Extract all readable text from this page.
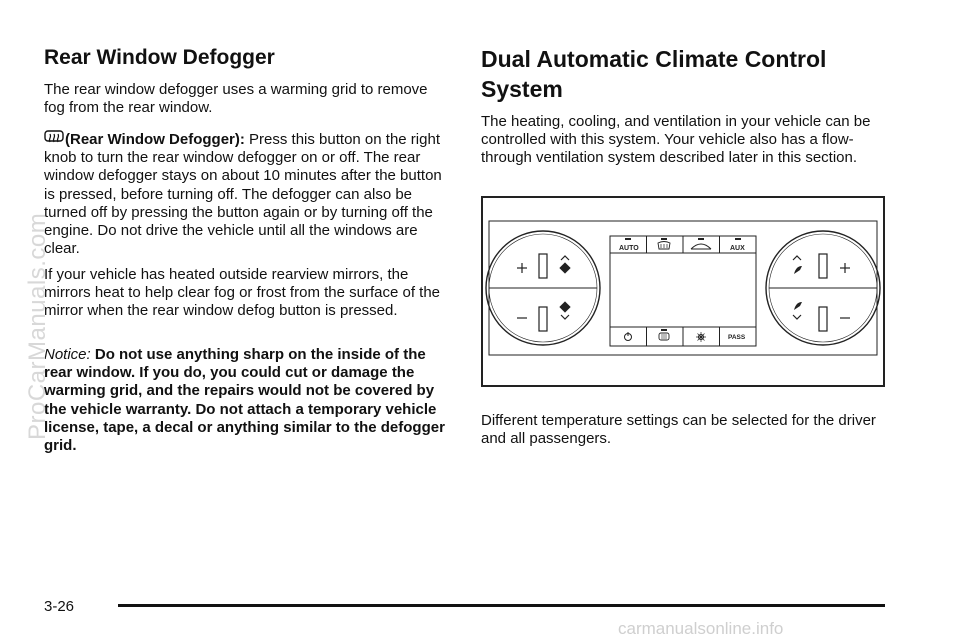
Rear Window Defogger

The rear window defogger uses a warming grid to remove fog from the rear window.

(Rear Window Defogger): Press this button on the right knob to turn the rear window defogger on or off. The rear window defogger stays on about 10 minutes after the button is pressed, before turning off. The defogger can also be turned off by pressing the button again or by turning off the engine. Do not drive the vehicle until all the windows are clear.

If your vehicle has heated outside rearview mirrors, the mirrors heat to help clear fog or frost from the surface of the mirror when the rear window defog button is pressed.

Notice: Do not use anything sharp on the inside of the rear window. If you do, you could cut or damage the warming grid, and the repairs would not be covered by the vehicle warranty. Do not attach a temporary vehicle license, tape, a decal or anything similar to the defogger grid.

Dual Automatic Climate Control System

The heating, cooling, and ventilation in your vehicle can be controlled with this system. Your vehicle also has a flow-through ventilation system described later in this section.

Different temperature settings can be selected for the driver and all passengers.

AUTO	AUX
PASS
3-26
ProCarManuals.com
carmanualsonline.info
